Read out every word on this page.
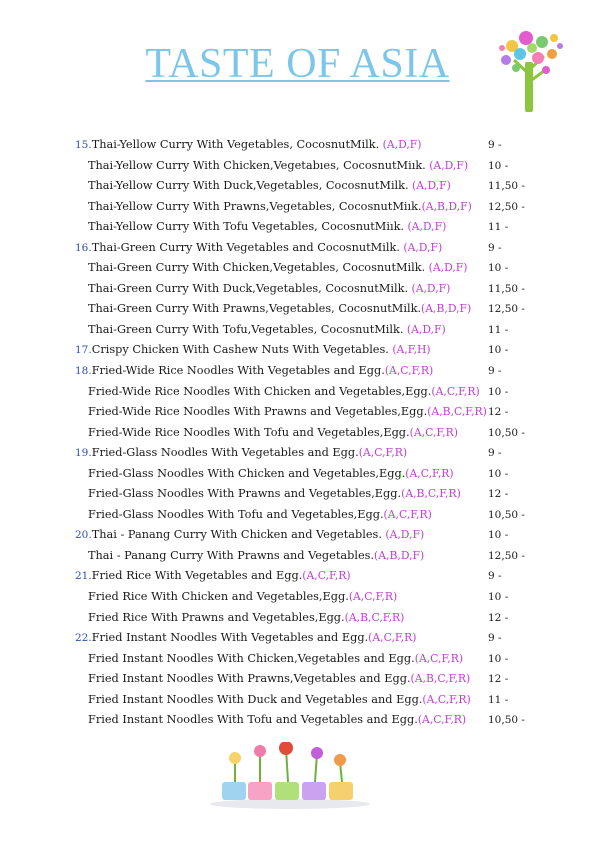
TASTE OF ASIA
15.Thai-Yellow Curry With Vegetables, CocosnutMilk. (A,D,F)	9 -
Thai-Yellow Curry With Chicken,Vegetabıes, CocosnutMiık. (A,D,F) 10 -
Thai-Yellow Curry With Duck,Vegetables, CocosnutMilk. (A,D,F)	11,50 -
Thai-Yellow Curry With Prawns,Vegetables, CocosnutMiık.(A,B,D,F) 12,50 -
Thai-Yellow Curry With Tofu Vegetables, CocosnutMiık. (A,D,F)	11 -
16.Thai-Green Curry With Vegetables and CocosnutMilk. (A,D,F)	9 -
Thai-Green Curry With Chicken,Vegetables, CocosnutMilk. (A,D,F) 10 -
Thai-Green Curry With Duck,Vegetables, CocosnutMilk. (A,D,F)	11,50 -
Thai-Green Curry With Prawns,Vegetables, CocosnutMilk.(A,B,D,F) 12,50 -
Thai-Green Curry With Tofu,Vegetables, CocosnutMilk. (A,D,F)	11 -
17.Crispy Chicken With Cashew Nuts With Vegetables. (A,F,H)	10 -
18.Fried-Wide Rice Noodles With Vegetables and Egg.(A,C,F,R)	9 -
Fried-Wide Rice Noodles With Chicken and Vegetables,Egg.(A,C,F,R) 10 -
Fried-Wide Rice Noodles With Prawns and Vegetables,Egg.(A,B,C,F,R) 12 -
Fried-Wide Rice Noodles With Tofu and Vegetables,Egg.(A,C,F,R)	10,50 -
19.Fried-Glass Noodles With Vegetables and Egg.(A,C,F,R)	9 -
Fried-Glass Noodles With Chicken and Vegetables,Egg.(A,C,F,R)	10 -
Fried-Glass Noodles With Prawns and Vegetables,Egg.(A,B,C,F,R)	12 -
Fried-Glass Noodles With Tofu and Vegetables,Egg.(A,C,F,R)	10,50 -
20.Thai - Panang Curry With Chicken and Vegetables. (A,D,F)	10 -
Thai - Panang Curry With Prawns and Vegetables.(A,B,D,F)	12,50 -
21.Fried Rice With Vegetables and Egg.(A,C,F,R)	9 -
Fried Rice With Chicken and Vegetables,Egg.(A,C,F,R)	10 -
Fried Rice With Prawns and Vegetables,Egg.(A,B,C,F,R)	12 -
22.Fried Instant Noodles With Vegetables and Egg.(A,C,F,R)	9 -
Fried Instant Noodles With Chicken,Vegetables and Egg.(A,C,F,R) 10 -
Fried Instant Noodles With Prawns,Vegetables and Egg.(A,B,C,F,R) 12 -
Fried Instant Noodles With Duck and Vegetables and Egg.(A,C,F,R) 11 -
Fried Instant Noodles With Tofu and Vegetables and Egg.(A,C,F,R) 10,50 -
